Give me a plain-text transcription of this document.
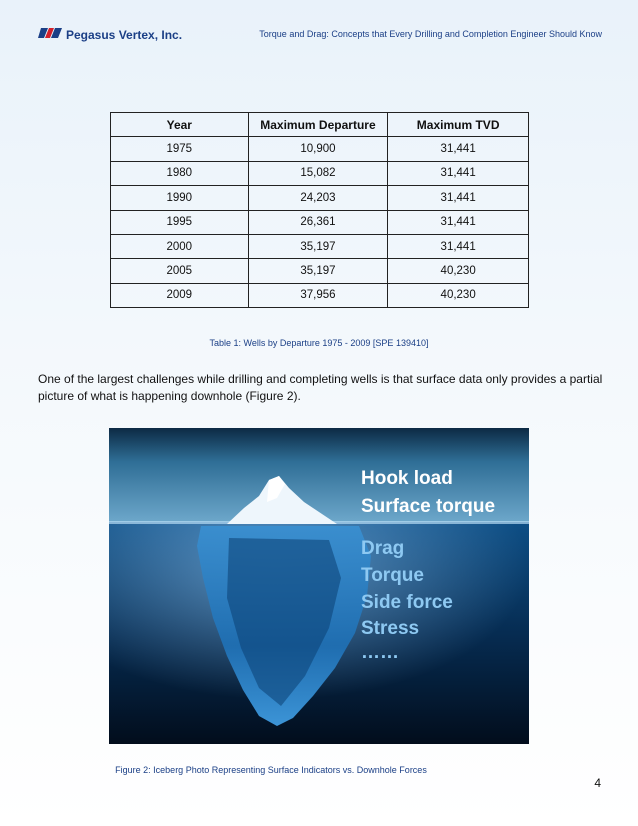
Pegasus Vertex, Inc.	Torque and Drag: Concepts that Every Drilling and Completion Engineer Should Know
Year	Maximum Departure	Maximum TVD
1975	10,900	31,441
1980	15,082	31,441
1990	24,203	31,441
1995	26,361	31,441
2000	35,197	31,441
2005	35,197	40,230
2009	37,956	40,230
Table 1: Wells by Departure 1975 - 2009 [SPE 139410]
One of the largest challenges while drilling and completing wells is that surface data only provides a partial picture of what is happening downhole (Figure 2).
Hook load
Surface torque
Drag
Torque
Side force
Stress
……
Figure 2: Iceberg Photo Representing Surface Indicators vs. Downhole Forces
4
